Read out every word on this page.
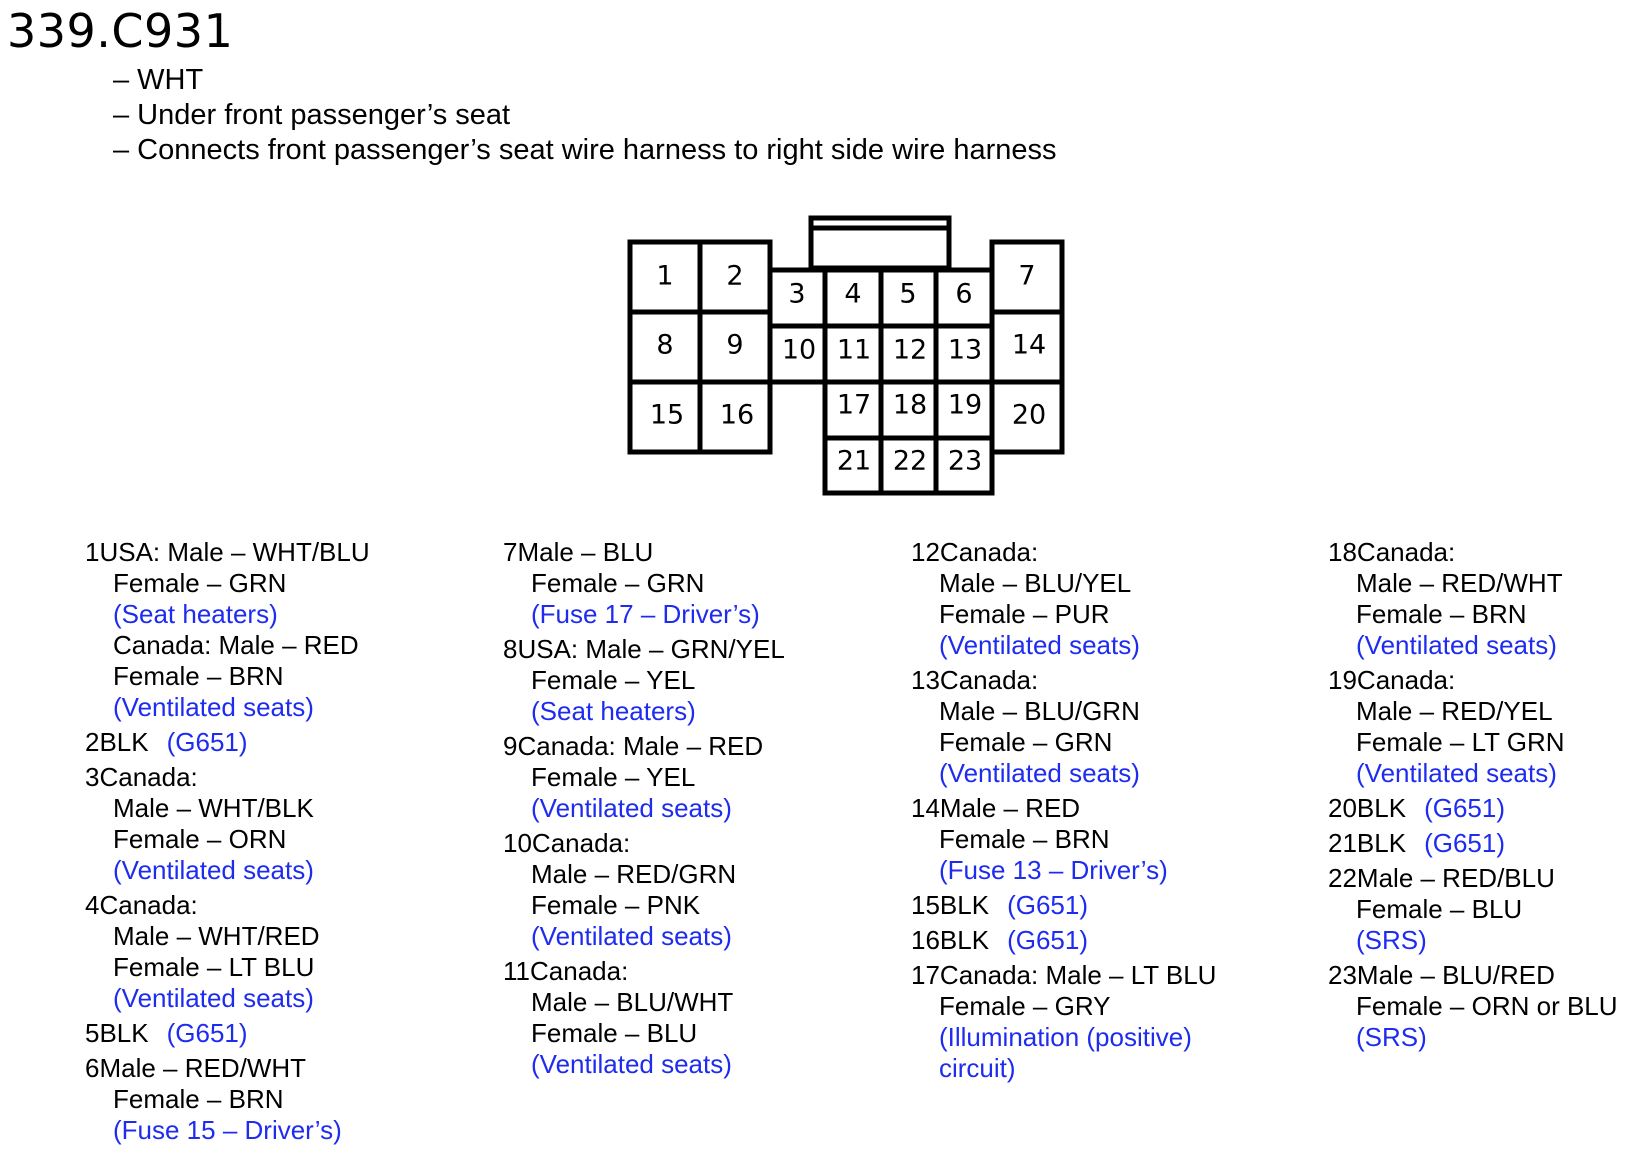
339.C931
– WHT
– Under front passenger’s seat
– Connects front passenger’s seat wire harness to right side wire harness
1 2
3 4 5 6
7
8 9 10 11 12 13 14
15 16	17 18 19 20
21 22 23
1USA: Male – WHT/BLU
Female – GRN
(Seat heaters)
Canada: Male – RED
Female – BRN
(Ventilated seats)
2BLK (G651)
3Canada:
Male – WHT/BLK
Female – ORN
(Ventilated seats)
4Canada:
Male – WHT/RED
Female – LT BLU
(Ventilated seats)
5BLK (G651)
6Male – RED/WHT
Female – BRN
(Fuse 15 – Driver’s)
7Male – BLU
Female – GRN
(Fuse 17 – Driver’s)
8USA: Male – GRN/YEL
Female – YEL
(Seat heaters)
9Canada: Male – RED
Female – YEL
(Ventilated seats)
10Canada:
Male – RED/GRN
Female – PNK
(Ventilated seats)
11Canada:
Male – BLU/WHT
Female – BLU
(Ventilated seats)
12Canada:
Male – BLU/YEL
Female – PUR
(Ventilated seats)
13Canada:
Male – BLU/GRN
Female – GRN
(Ventilated seats)
14Male – RED
Female – BRN
(Fuse 13 – Driver’s)
15BLK (G651)
16BLK (G651)
17Canada: Male – LT BLU
Female – GRY
(Illumination (positive)
circuit)
18Canada:
Male – RED/WHT
Female – BRN
(Ventilated seats)
19Canada:
Male – RED/YEL
Female – LT GRN
(Ventilated seats)
20BLK (G651)
21BLK (G651)
22Male – RED/BLU
Female – BLU
(SRS)
23Male – BLU/RED
Female – ORN or BLU
(SRS)
